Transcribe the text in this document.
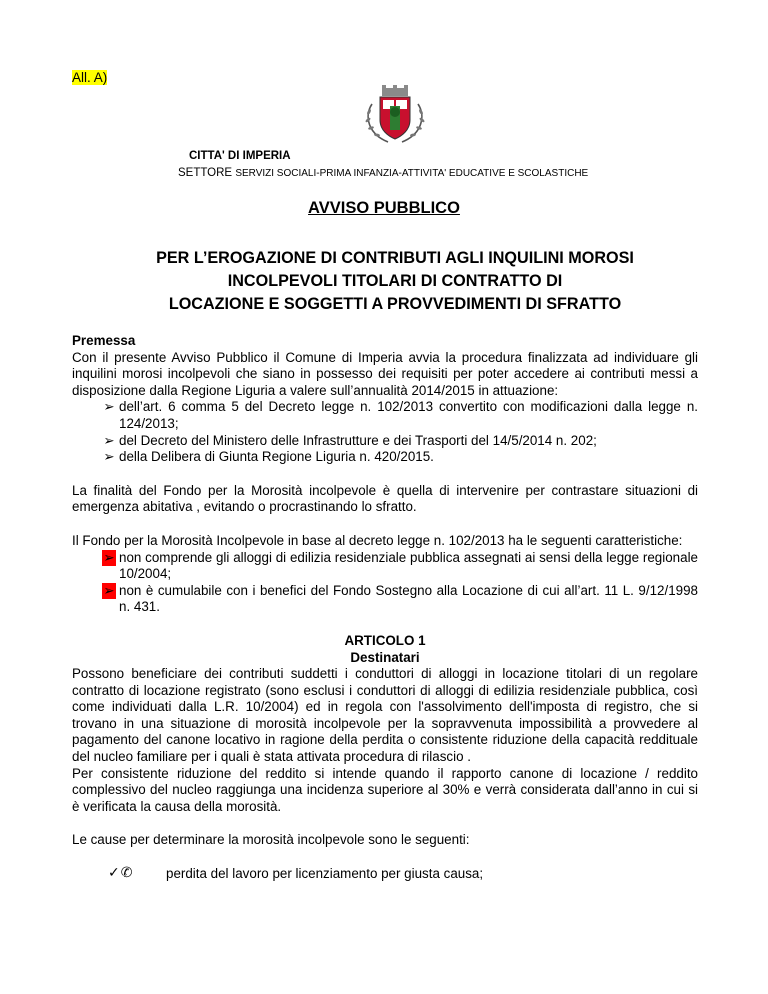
All. A)
CITTA' DI IMPERIA
SETTORE SERVIZI SOCIALI-PRIMA INFANZIA-ATTIVITA' EDUCATIVE E SCOLASTICHE
AVVISO PUBBLICO
PER L’EROGAZIONE DI CONTRIBUTI AGLI INQUILINI MOROSI
INCOLPEVOLI TITOLARI DI CONTRATTO DI
LOCAZIONE E SOGGETTI A PROVVEDIMENTI DI SFRATTO

Premessa

Con il presente Avviso Pubblico il Comune di Imperia avvia la procedura finalizzata ad individuare gli inquilini morosi incolpevoli che siano in possesso dei requisiti per poter accedere ai contributi messi a disposizione dalla Regione Liguria a valere sull’annualità 2014/2015 in attuazione:

➢ dell’art. 6 comma 5 del Decreto legge n. 102/2013 convertito con modificazioni dalla legge n. 124/2013;
➢ del Decreto del Ministero delle Infrastrutture e dei Trasporti del 14/5/2014 n. 202;
➢ della Delibera di Giunta Regione Liguria n. 420/2015.

La finalità del Fondo per la Morosità incolpevole è quella di intervenire per contrastare situazioni di emergenza abitativa , evitando o procrastinando lo sfratto.

Il Fondo per la Morosità Incolpevole in base al decreto legge n. 102/2013 ha le seguenti caratteristiche:

➢ non comprende gli alloggi di edilizia residenziale pubblica assegnati ai sensi della legge regionale 10/2004;
➢ non è cumulabile con i benefici del Fondo Sostegno alla Locazione di cui all’art. 11 L. 9/12/1998 n. 431.

ARTICOLO 1

Destinatari

Possono beneficiare dei contributi suddetti i conduttori di alloggi in locazione titolari di un regolare contratto di locazione registrato (sono esclusi i conduttori di alloggi di edilizia residenziale pubblica, così come individuati dalla L.R. 10/2004) ed in regola con l'assolvimento dell'imposta di registro, che si trovano in una situazione di morosità incolpevole per la sopravvenuta impossibilità a provvedere al pagamento del canone locativo in ragione della perdita o consistente riduzione della capacità reddituale del nucleo familiare per i quali è stata attivata procedura di rilascio .

Per consistente riduzione del reddito si intende quando il rapporto canone di locazione / reddito complessivo del nucleo raggiunga una incidenza superiore al 30% e verrà considerata dall’anno in cui si è verificata la causa della morosità.

Le cause per determinare la morosità incolpevole sono le seguenti:

✓✆ perdita del lavoro per licenziamento per giusta causa;
